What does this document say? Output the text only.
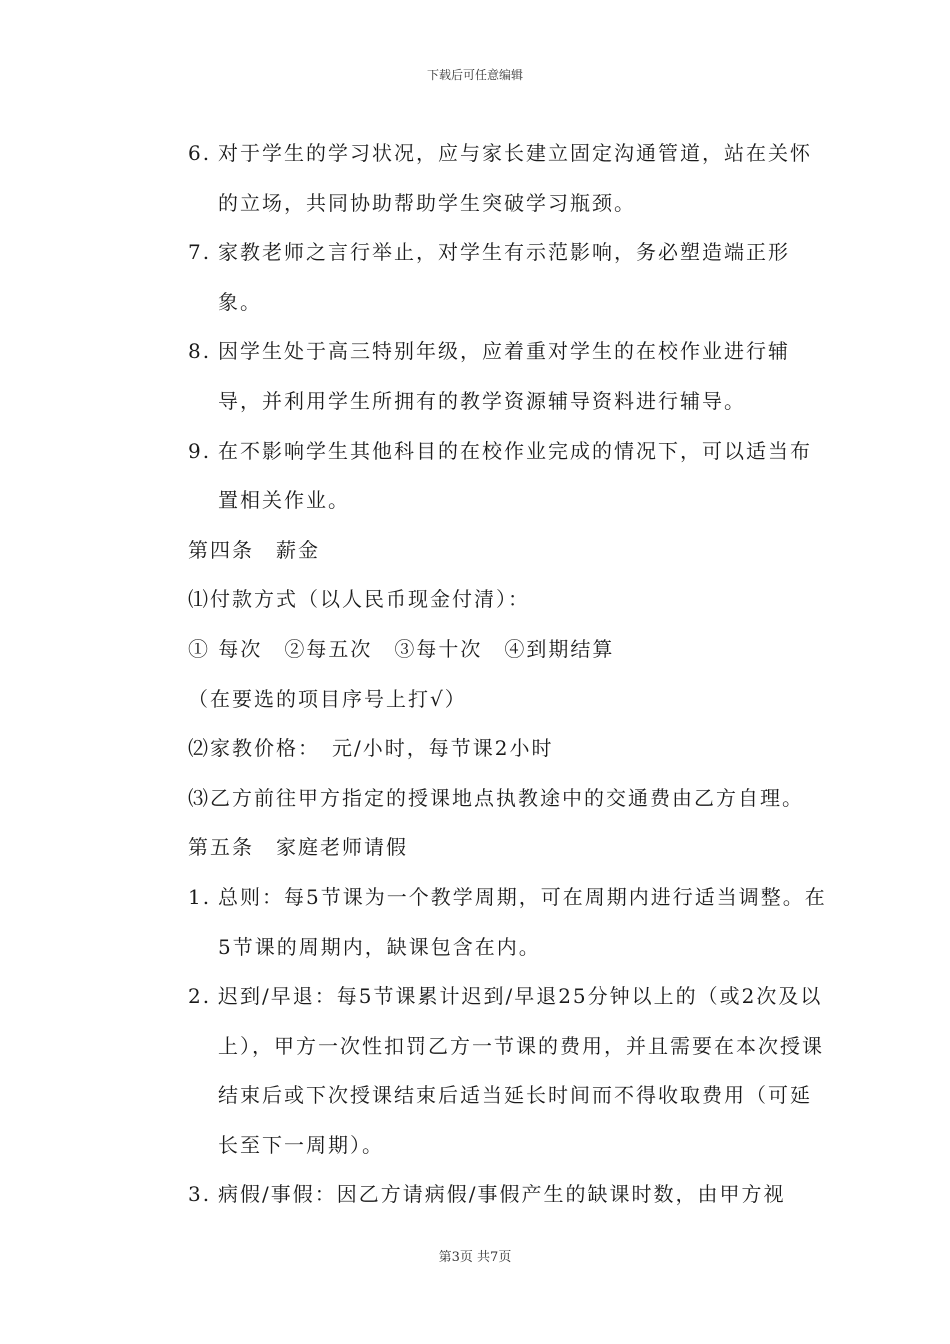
下载后可任意编辑
6. 对于学生的学习状况，应与家长建立固定沟通管道，站在关怀的立场，共同协助帮助学生突破学习瓶颈。
7. 家教老师之言行举止，对学生有示范影响，务必塑造端正形象。
8. 因学生处于高三特别年级，应着重对学生的在校作业进行辅导，并利用学生所拥有的教学资源辅导资料进行辅导。
9. 在不影响学生其他科目的在校作业完成的情况下，可以适当布置相关作业。
第四条　薪金
⑴付款方式（以人民币现金付清）：
① 每次　②每五次　③每十次　④到期结算
（在要选的项目序号上打√）
⑵家教价格：　元/小时，每节课2小时
⑶乙方前往甲方指定的授课地点执教途中的交通费由乙方自理。
第五条　家庭老师请假
1. 总则：每5节课为一个教学周期，可在周期内进行适当调整。在5节课的周期内，缺课包含在内。
2. 迟到/早退：每5节课累计迟到/早退25分钟以上的（或2次及以上），甲方一次性扣罚乙方一节课的费用，并且需要在本次授课结束后或下次授课结束后适当延长时间而不得收取费用（可延长至下一周期）。
3. 病假/事假：因乙方请病假/事假产生的缺课时数，由甲方视
第3页 共7页
